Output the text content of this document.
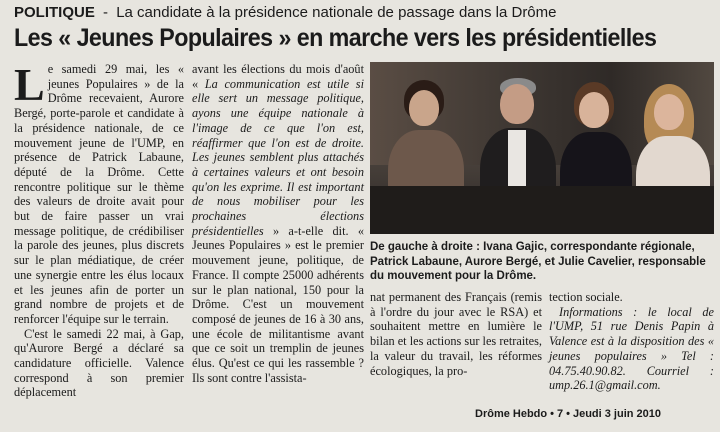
POLITIQUE - La candidate à la présidence nationale de passage dans la Drôme
Les « Jeunes Populaires » en marche vers les présidentielles

Le samedi 29 mai, les « jeunes Populaires » de la Drôme recevaient, Aurore Bergé, porte-parole et candidate à la présidence nationale, de ce mouvement jeune de l'UMP, en présence de Patrick Labaune, député de la Drôme. Cette rencontre politique sur le thème des valeurs de droite avait pour but de faire passer un vrai message politique, de crédibiliser la parole des jeunes, plus discrets sur le plan médiatique, de créer une synergie entre les élus locaux et les jeunes afin de porter un grand nombre de projets et de renforcer l'équipe sur le terrain.

C'est le samedi 22 mai, à Gap, qu'Aurore Bergé a déclaré sa candidature officielle. Valence correspond à son premier déplacement

avant les élections du mois d'août « La communication est utile si elle sert un message politique, ayons une équipe nationale à l'image de ce que l'on est, réaffirmer que l'on est de droite. Les jeunes semblent plus attachés à certaines valeurs et ont besoin qu'on les exprime. Il est important de nous mobiliser pour les prochaines élections présidentielles » a-t-elle dit. « Jeunes Populaires » est le premier mouvement jeune, politique, de France. Il compte 25000 adhérents sur le plan national, 150 pour la Drôme. C'est un mouvement composé de jeunes de 16 à 30 ans, une école de militantisme avant que ce soit un tremplin de jeunes élus. Qu'est ce qui les rassemble ? Ils sont contre l'assista-

De gauche à droite : Ivana Gajic, correspondante régionale, Patrick Labaune, Aurore Bergé, et Julie Cavelier, responsable du mouvement pour la Drôme.

nat permanent des Français (remis à l'ordre du jour avec le RSA) et souhaitent mettre en lumière le bilan et les actions sur les retraites, la valeur du travail, les réformes écologiques, la pro-

tection sociale.

Informations : le local de l'UMP, 51 rue Denis Papin à Valence est à la disposition des « jeunes populaires » Tel : 04.75.40.90.82. Courriel : ump.26.1@gmail.com.

Drôme Hebdo • 7 • Jeudi 3 juin 2010
